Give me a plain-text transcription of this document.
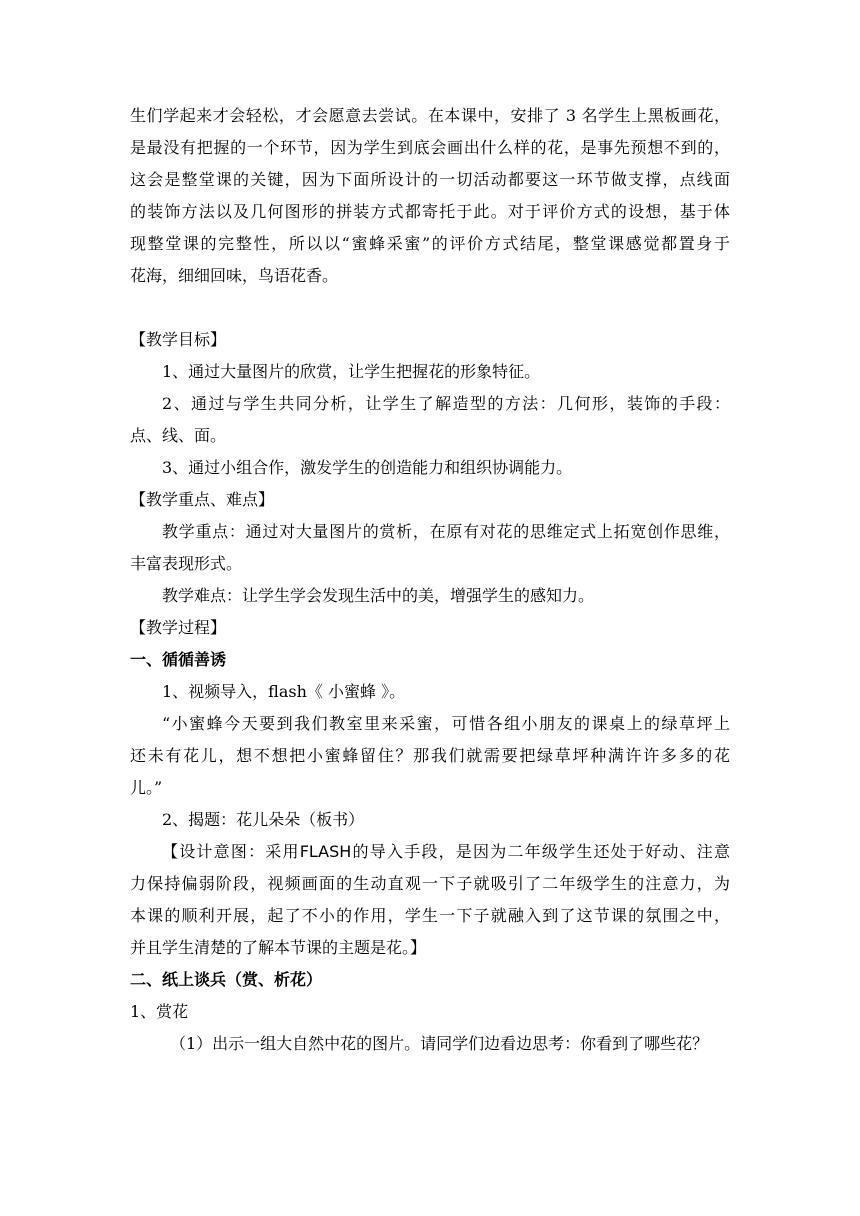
生们学起来才会轻松，才会愿意去尝试。在本课中，安排了 3 名学生上黑板画花，
是最没有把握的一个环节，因为学生到底会画出什么样的花，是事先预想不到的，
这会是整堂课的关键，因为下面所设计的一切活动都要这一环节做支撑，点线面
的装饰方法以及几何图形的拼装方式都寄托于此。对于评价方式的设想，基于体
现整堂课的完整性，所以以“蜜蜂采蜜”的评价方式结尾，整堂课感觉都置身于
花海，细细回味，鸟语花香。
【教学目标】
1、通过大量图片的欣赏，让学生把握花的形象特征。
2、通过与学生共同分析，让学生了解造型的方法：几何形，装饰的手段：
点、线、面。
3、通过小组合作，激发学生的创造能力和组织协调能力。
【教学重点、难点】
教学重点：通过对大量图片的赏析，在原有对花的思维定式上拓宽创作思维，
丰富表现形式。
教学难点：让学生学会发现生活中的美，增强学生的感知力。
【教学过程】
一、循循善诱
1、视频导入，flash《 小蜜蜂 》。
“小蜜蜂今天要到我们教室里来采蜜，可惜各组小朋友的课桌上的绿草坪上
还未有花儿，想不想把小蜜蜂留住？那我们就需要把绿草坪种满许许多多的花
儿。”
2、揭题：花儿朵朵（板书）
【设计意图：采用FLASH的导入手段，是因为二年级学生还处于好动、注意
力保持偏弱阶段，视频画面的生动直观一下子就吸引了二年级学生的注意力，为
本课的顺利开展，起了不小的作用，学生一下子就融入到了这节课的氛围之中，
并且学生清楚的了解本节课的主题是花。】
二、纸上谈兵（赏、析花）
1、赏花
（1）出示一组大自然中花的图片。请同学们边看边思考：你看到了哪些花？
